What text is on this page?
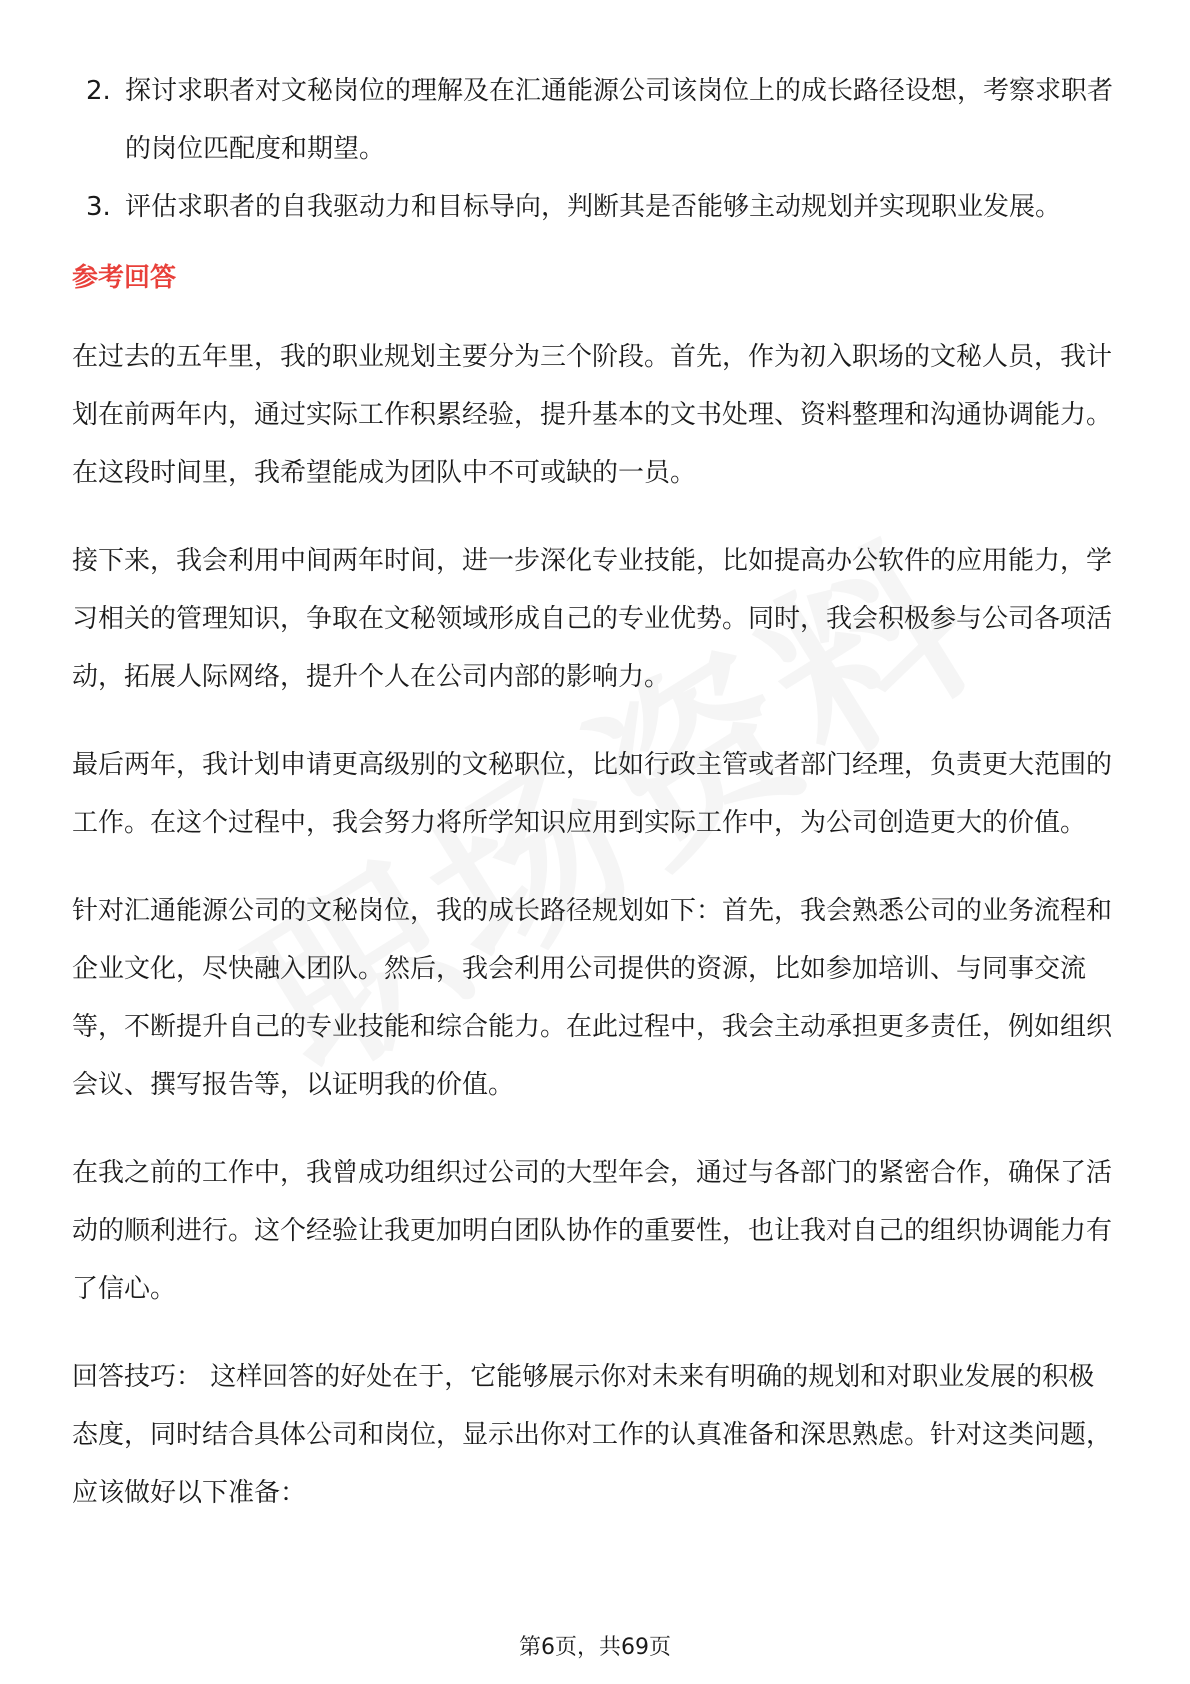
2. 探讨求职者对文秘岗位的理解及在汇通能源公司该岗位上的成长路径设想，考察求职者的岗位匹配度和期望。
3. 评估求职者的自我驱动力和目标导向，判断其是否能够主动规划并实现职业发展。
参考回答

在过去的五年里，我的职业规划主要分为三个阶段。首先，作为初入职场的文秘人员，我计划在前两年内，通过实际工作积累经验，提升基本的文书处理、资料整理和沟通协调能力。在这段时间里，我希望能成为团队中不可或缺的一员。

接下来，我会利用中间两年时间，进一步深化专业技能，比如提高办公软件的应用能力，学习相关的管理知识，争取在文秘领域形成自己的专业优势。同时，我会积极参与公司各项活动，拓展人际网络，提升个人在公司内部的影响力。

最后两年，我计划申请更高级别的文秘职位，比如行政主管或者部门经理，负责更大范围的工作。在这个过程中，我会努力将所学知识应用到实际工作中，为公司创造更大的价值。

针对汇通能源公司的文秘岗位，我的成长路径规划如下：首先，我会熟悉公司的业务流程和企业文化，尽快融入团队。然后，我会利用公司提供的资源，比如参加培训、与同事交流等，不断提升自己的专业技能和综合能力。在此过程中，我会主动承担更多责任，例如组织会议、撰写报告等，以证明我的价值。

在我之前的工作中，我曾成功组织过公司的大型年会，通过与各部门的紧密合作，确保了活动的顺利进行。这个经验让我更加明白团队协作的重要性，也让我对自己的组织协调能力有了信心。

回答技巧： 这样回答的好处在于，它能够展示你对未来有明确的规划和对职业发展的积极态度，同时结合具体公司和岗位，显示出你对工作的认真准备和深思熟虑。针对这类问题，应该做好以下准备：

第6页，共69页
